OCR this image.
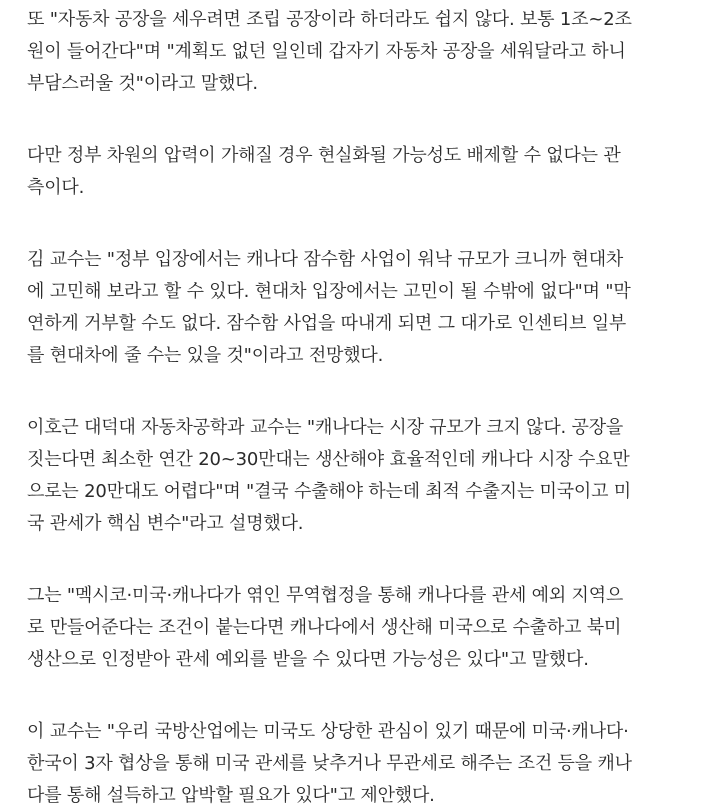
또 "자동차 공장을 세우려면 조립 공장이라 하더라도 쉽지 않다. 보통 1조~2조
원이 들어간다"며 "계획도 없던 일인데 갑자기 자동차 공장을 세워달라고 하니
부담스러울 것"이라고 말했다.

다만 정부 차원의 압력이 가해질 경우 현실화될 가능성도 배제할 수 없다는 관
측이다.

김 교수는 "정부 입장에서는 캐나다 잠수함 사업이 워낙 규모가 크니까 현대차
에 고민해 보라고 할 수 있다. 현대차 입장에서는 고민이 될 수밖에 없다"며 "막
연하게 거부할 수도 없다. 잠수함 사업을 따내게 되면 그 대가로 인센티브 일부
를 현대차에 줄 수는 있을 것"이라고 전망했다.

이호근 대덕대 자동차공학과 교수는 "캐나다는 시장 규모가 크지 않다. 공장을
짓는다면 최소한 연간 20~30만대는 생산해야 효율적인데 캐나다 시장 수요만
으로는 20만대도 어렵다"며 "결국 수출해야 하는데 최적 수출지는 미국이고 미
국 관세가 핵심 변수"라고 설명했다.

그는 "멕시코·미국·캐나다가 엮인 무역협정을 통해 캐나다를 관세 예외 지역으
로 만들어준다는 조건이 붙는다면 캐나다에서 생산해 미국으로 수출하고 북미
생산으로 인정받아 관세 예외를 받을 수 있다면 가능성은 있다"고 말했다.

이 교수는 "우리 국방산업에는 미국도 상당한 관심이 있기 때문에 미국·캐나다·
한국이 3자 협상을 통해 미국 관세를 낮추거나 무관세로 해주는 조건 등을 캐나
다를 통해 설득하고 압박할 필요가 있다"고 제안했다.
